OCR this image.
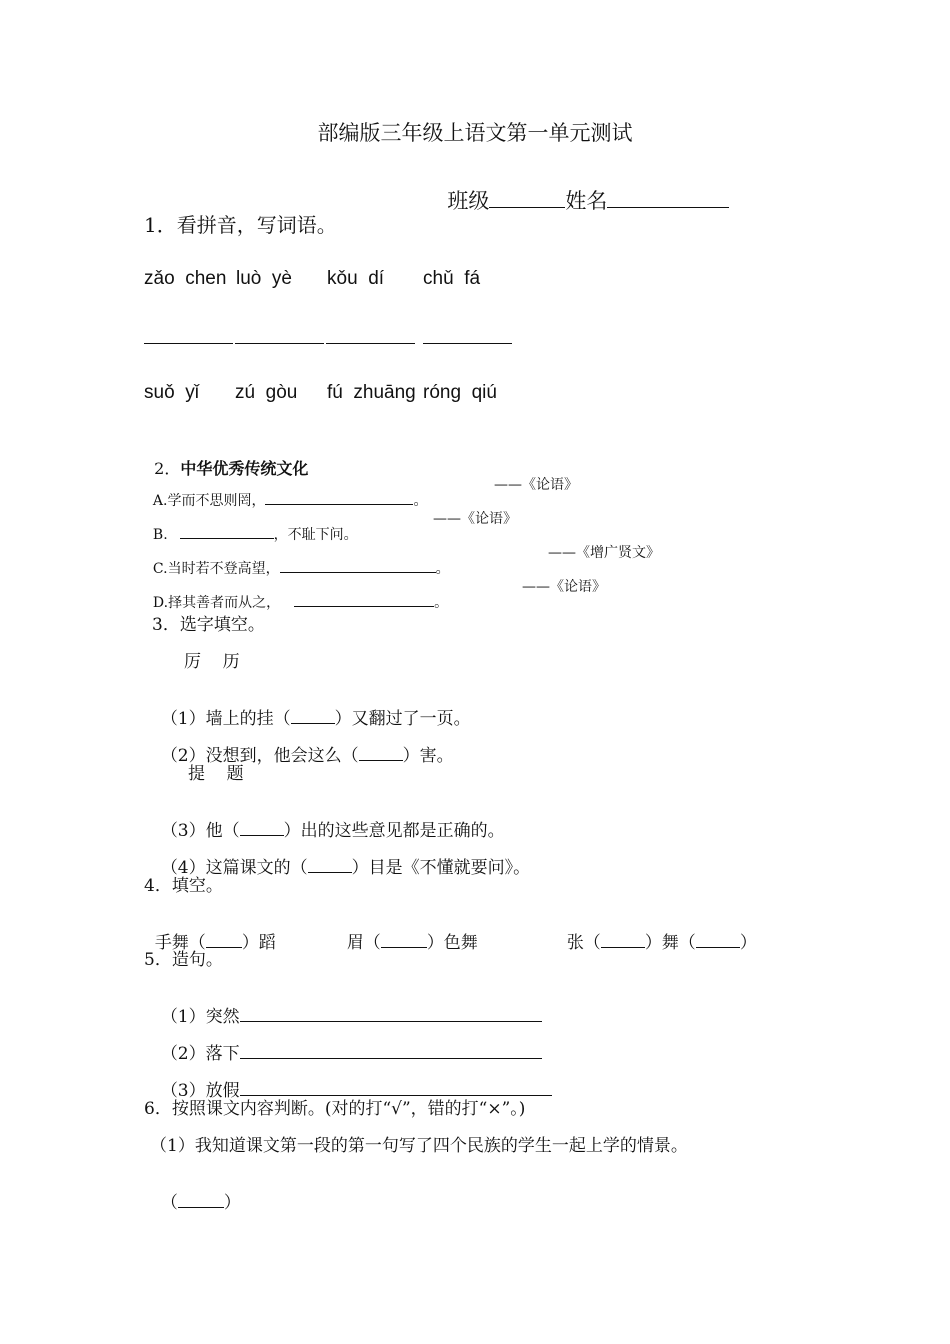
部编版三年级上语文第一单元测试

班级	姓名

1．看拼音，写词语。
zǎo  chen luò  yè kǒu  dí chǔ  fá
suǒ  yǐ zú  gòu fú  zhuāng róng  qiú

2．中华优秀传统文化

A.学而不思则罔，	。

——《论语》

B.	，不耻下问。

——《论语》

C.当时若不登高望，	。

——《增广贤文》

D.择其善者而从之，	。

——《论语》
3．选字填空。
厉    历

（1）墙上的挂（	）又翻过了一页。

（2）没想到，他会这么（	）害。

提    题

（3）他（	）出的这些意见都是正确的。

（4）这篇课文的（	）目是《不懂就要问》。

4．填空。

手舞（ ）蹈	眉（	）色舞	张（	）舞（	）

5．造句。

（1）突然

（2）落下

（3）放假

6．按照课文内容判断。(对的打“√”，错的打“×”。)
（1）我知道课文第一段的第一句写了四个民族的学生一起上学的情景。

（	）
